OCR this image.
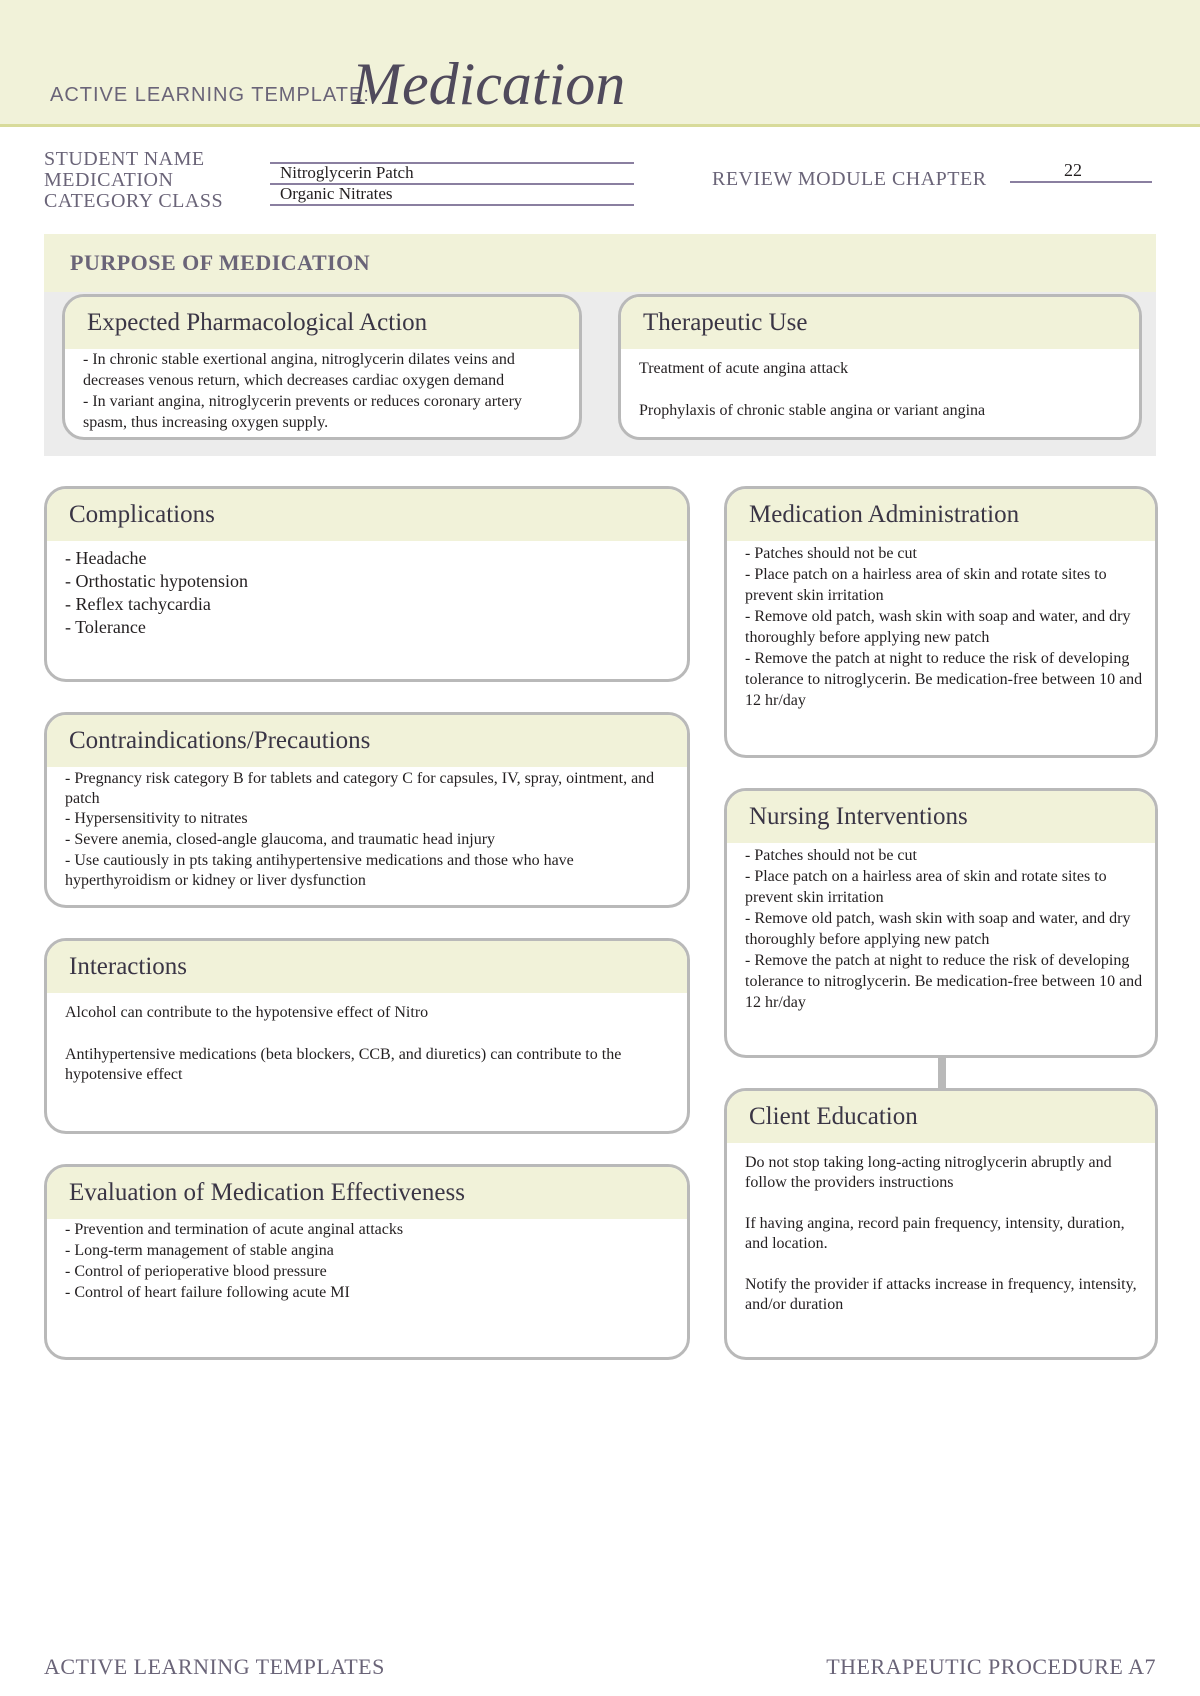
ACTIVE LEARNING TEMPLATE:
Medication
STUDENT NAME
MEDICATION	Nitroglycerin Patch
CATEGORY CLASS	Organic Nitrates
REVIEW MODULE CHAPTER	22
PURPOSE OF MEDICATION
Expected Pharmacological Action
- In chronic stable exertional angina, nitroglycerin dilates veins and decreases venous return, which decreases cardiac oxygen demand
- In variant angina, nitroglycerin prevents or reduces coronary artery spasm, thus increasing oxygen supply.
Therapeutic Use
Treatment of acute angina attack
Prophylaxis of chronic stable angina or variant angina
Complications
- Headache
- Orthostatic hypotension
- Reflex tachycardia
- Tolerance
Contraindications/Precautions
- Pregnancy risk category B for tablets and category C for capsules, IV, spray, ointment, and patch
- Hypersensitivity to nitrates
- Severe anemia, closed-angle glaucoma, and traumatic head injury
- Use cautiously in pts taking antihypertensive medications and those who have hyperthyroidism or kidney or liver dysfunction
Interactions
Alcohol can contribute to the hypotensive effect of Nitro
Antihypertensive medications (beta blockers, CCB, and diuretics) can contribute to the hypotensive effect
Evaluation of Medication Effectiveness
- Prevention and termination of acute anginal attacks
- Long-term management of stable angina
- Control of perioperative blood pressure
- Control of heart failure following acute MI
Medication Administration
- Patches should not be cut
- Place patch on a hairless area of skin and rotate sites to prevent skin irritation
- Remove old patch, wash skin with soap and water, and dry thoroughly before applying new patch
- Remove the patch at night to reduce the risk of developing tolerance to nitroglycerin. Be medication-free between 10 and 12 hr/day
Nursing Interventions
- Patches should not be cut
- Place patch on a hairless area of skin and rotate sites to prevent skin irritation
- Remove old patch, wash skin with soap and water, and dry thoroughly before applying new patch
- Remove the patch at night to reduce the risk of developing tolerance to nitroglycerin. Be medication-free between 10 and 12 hr/day
Client Education
Do not stop taking long-acting nitroglycerin abruptly and follow the providers instructions
If having angina, record pain frequency, intensity, duration, and location.
Notify the provider if attacks increase in frequency, intensity, and/or duration
ACTIVE LEARNING TEMPLATES	THERAPEUTIC PROCEDURE A7
